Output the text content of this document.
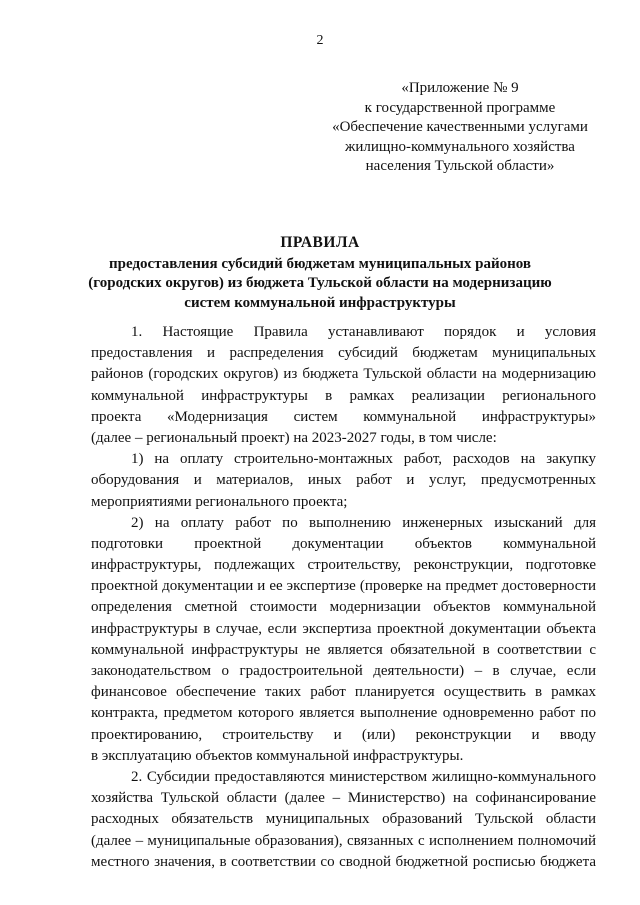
2
«Приложение № 9
к государственной программе
«Обеспечение качественными услугами
жилищно-коммунального хозяйства
населения Тульской области»
ПРАВИЛА
предоставления субсидий бюджетам муниципальных районов
(городских округов) из бюджета Тульской области на модернизацию
систем коммунальной инфраструктуры
1. Настоящие Правила устанавливают порядок и условия
предоставления и распределения субсидий бюджетам муниципальных
районов (городских округов) из бюджета Тульской области на модернизацию
коммунальной инфраструктуры в рамках реализации регионального
проекта «Модернизация систем коммунальной инфраструктуры»
(далее – региональный проект) на 2023-2027 годы, в том числе:
1) на оплату строительно-монтажных работ, расходов на закупку
оборудования и материалов, иных работ и услуг, предусмотренных
мероприятиями регионального проекта;
2) на оплату работ по выполнению инженерных изысканий для
подготовки проектной документации объектов коммунальной
инфраструктуры, подлежащих строительству, реконструкции, подготовке
проектной документации и ее экспертизе (проверке на предмет достоверности
определения сметной стоимости модернизации объектов коммунальной
инфраструктуры в случае, если экспертиза проектной документации объекта
коммунальной инфраструктуры не является обязательной в соответствии с
законодательством о градостроительной деятельности) – в случае, если
финансовое обеспечение таких работ планируется осуществить в рамках
контракта, предметом которого является выполнение одновременно работ по
проектированию, строительству и (или) реконструкции и вводу
в эксплуатацию объектов коммунальной инфраструктуры.
2. Субсидии предоставляются министерством жилищно-коммунального
хозяйства Тульской области (далее – Министерство) на софинансирование
расходных обязательств муниципальных образований Тульской области
(далее – муниципальные образования), связанных с исполнением полномочий
местного значения, в соответствии со сводной бюджетной росписью бюджета
